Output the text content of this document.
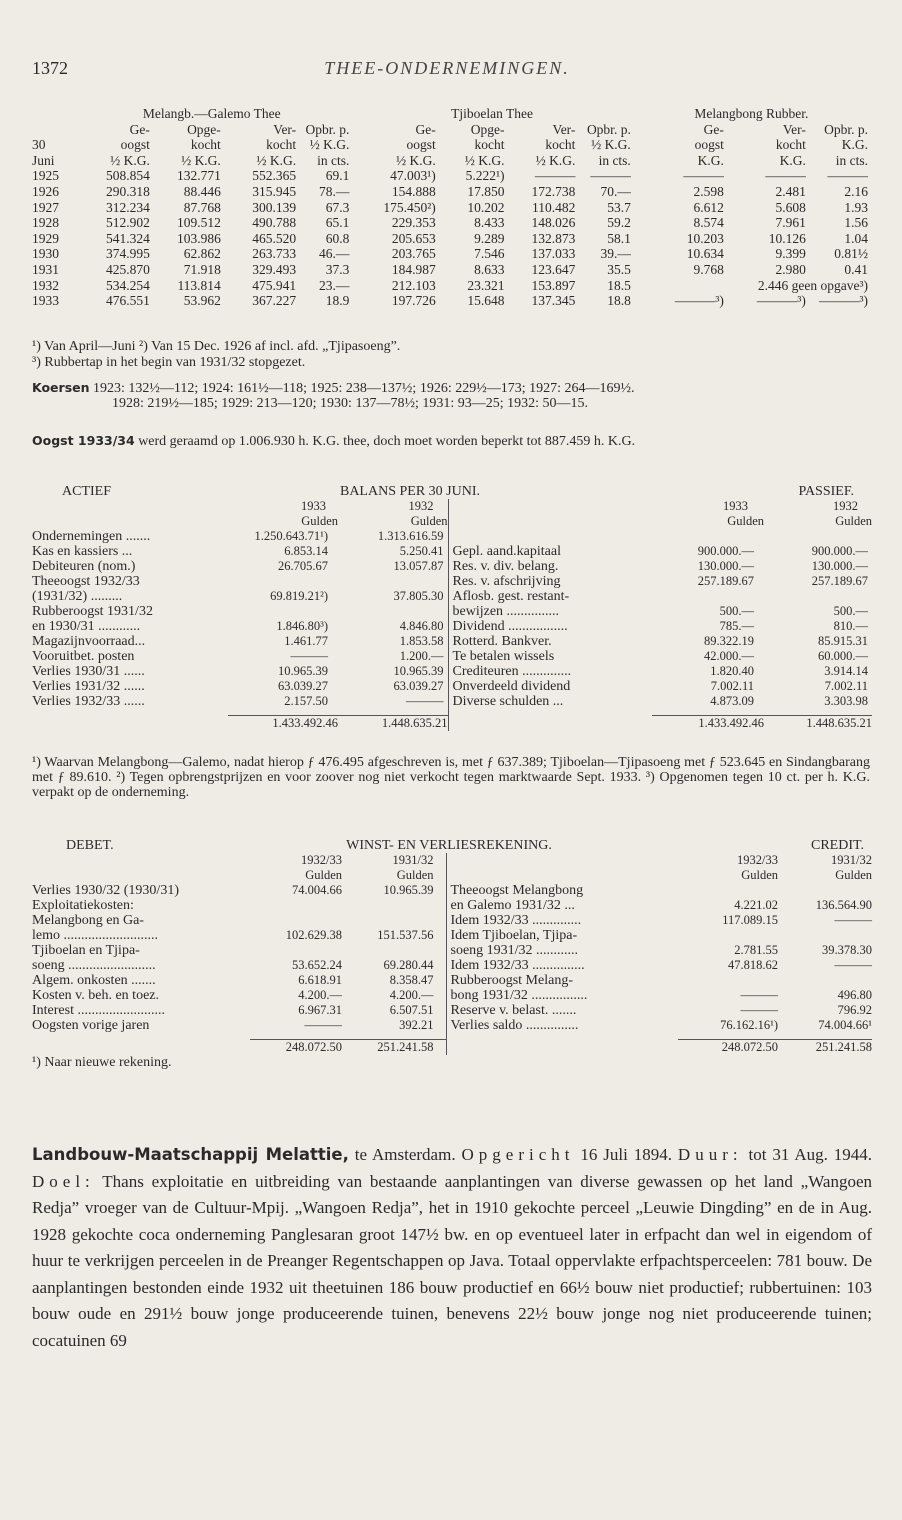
1372	THEE-ONDERNEMINGEN.
	Melangb.—Galemo Thee				Tjiboelan Thee				Melangbong Rubber.		
	Ge-	Opge-	Ver-	Opbr. p.	Ge-	Opge-	Ver-	Opbr. p.	Ge-	Ver-	Opbr. p.
30	oogst	kocht	kocht	½ K.G.	oogst	kocht	kocht	½ K.G.	oogst	kocht	K.G.
Juni	½ K.G.	½ K.G.	½ K.G.	in cts.	½ K.G.	½ K.G.	½ K.G.	in cts.	K.G.	K.G.	in cts.
1925	508.854	132.771	552.365	69.1	47.003¹)	5.222¹)	———	———	———	———	———
1926	290.318	88.446	315.945	78.—	154.888	17.850	172.738	70.—	2.598	2.481	2.16
1927	312.234	87.768	300.139	67.3	175.450²)	10.202	110.482	53.7	6.612	5.608	1.93
1928	512.902	109.512	490.788	65.1	229.353	8.433	148.026	59.2	8.574	7.961	1.56
1929	541.324	103.986	465.520	60.8	205.653	9.289	132.873	58.1	10.203	10.126	1.04
1930	374.995	62.862	263.733	46.—	203.765	7.546	137.033	39.—	10.634	9.399	0.81½
1931	425.870	71.918	329.493	37.3	184.987	8.633	123.647	35.5	9.768	2.980	0.41
1932	534.254	113.814	475.941	23.—	212.103	23.321	153.897	18.5	2.446 geen opgave³)		
1933	476.551	53.962	367.227	18.9	197.726	15.648	137.345	18.8	———³)	———³)	———³)
¹) Van April—Juni ²) Van 15 Dec. 1926 af incl. afd. „Tjipasoeng”.
³) Rubbertap in het begin van 1931/32 stopgezet.
Koersen 1923: 132½—112; 1924: 161½—118; 1925: 238—137½; 1926: 229½—173; 1927: 264—169½.
1928: 219½—185; 1929: 213—120; 1930: 137—78½; 1931: 93—25; 1932: 50—15.
Oogst 1933/34 werd geraamd op 1.006.930 h. K.G. thee, doch moet worden beperkt tot 887.459 h. K.G.
ACTIEF	BALANS PER 30 JUNI.			PASSIEF.	
	1933	1932		1933	1932
	Gulden	Gulden		Gulden	Gulden
Ondernemingen .......	1.250.643.71¹)	1.313.616.59			
Kas en kassiers ...	6.853.14	5.250.41	Gepl. aand.kapitaal	900.000.—	900.000.—
Debiteuren (nom.)	26.705.67	13.057.87	Res. v. div. belang.	130.000.—	130.000.—
Theeoogst 1932/33			Res. v. afschrijving	257.189.67	257.189.67
(1931/32) .........	69.819.21²)	37.805.30	Aflosb. gest. restant-		
Rubberoogst 1931/32			bewijzen ...............	500.—	500.—
en 1930/31 ............	1.846.80³)	4.846.80	Dividend .................	785.—	810.—
Magazijnvoorraad...	1.461.77	1.853.58	Rotterd. Bankver.	89.322.19	85.915.31
Vooruitbet. posten	———	1.200.—	Te betalen wissels	42.000.—	60.000.—
Verlies 1930/31 ......	10.965.39	10.965.39	Crediteuren ..............	1.820.40	3.914.14
Verlies 1931/32 ......	63.039.27	63.039.27	Onverdeeld dividend	7.002.11	7.002.11
Verlies 1932/33 ......	2.157.50	———	Diverse schulden ...	4.873.09	3.303.98

	1.433.492.46	1.448.635.21		1.433.492.46	1.448.635.21
¹) Waarvan Melangbong—Galemo, nadat hierop ƒ 476.495 afgeschreven is, met ƒ 637.389; Tjiboelan—Tjipasoeng met ƒ 523.645 en Sindangbarang met ƒ 89.610. ²) Tegen opbrengstprijzen en voor zoover nog niet verkocht tegen marktwaarde Sept. 1933. ³) Opgenomen tegen 10 ct. per h. K.G. verpakt op de onderneming.
DEBET.	WINST- EN VERLIESREKENING.			CREDIT.	
	1932/33	1931/32		1932/33	1931/32
	Gulden	Gulden		Gulden	Gulden
Verlies 1930/32 (1930/31)	74.004.66	10.965.39	Theeoogst Melangbong		
Exploitatiekosten:			en Galemo 1931/32 ...	4.221.02	136.564.90
Melangbong en Ga-			Idem 1932/33 ..............	117.089.15	———
lemo ...........................	102.629.38	151.537.56	Idem Tjiboelan, Tjipa-		
Tjiboelan en Tjipa-			soeng 1931/32 ............	2.781.55	39.378.30
soeng .........................	53.652.24	69.280.44	Idem 1932/33 ...............	47.818.62	———
Algem. onkosten .......	6.618.91	8.358.47	Rubberoogst Melang-		
Kosten v. beh. en toez.	4.200.—	4.200.—	bong 1931/32 ................	———	496.80
Interest .........................	6.967.31	6.507.51	Reserve v. belast. .......	———	796.92
Oogsten vorige jaren	———	392.21	Verlies saldo ...............	76.162.16¹)	74.004.66¹

	248.072.50	251.241.58		248.072.50	251.241.58
¹) Naar nieuwe rekening.					
Landbouw-Maatschappij Melattie, te Amsterdam. Opgericht 16 Juli 1894. Duur: tot 31 Aug. 1944. Doel: Thans exploitatie en uitbreiding van bestaande aanplantingen van diverse gewassen op het land „Wangoen Redja” vroeger van de Cultuur-Mpij. „Wangoen Redja”, het in 1910 gekochte perceel „Leuwie Dingding” en de in Aug. 1928 gekochte coca onderneming Panglesaran groot 147½ bw. en op eventueel later in erfpacht dan wel in eigendom of huur te verkrijgen perceelen in de Preanger Regentschappen op Java. Totaal oppervlakte erfpachtsperceelen: 781 bouw. De aanplantingen bestonden einde 1932 uit theetuinen 186 bouw productief en 66½ bouw niet productief; rubbertuinen: 103 bouw oude en 291½ bouw jonge produceerende tuinen, benevens 22½ bouw jonge nog niet produceerende tuinen; cocatuinen 69
